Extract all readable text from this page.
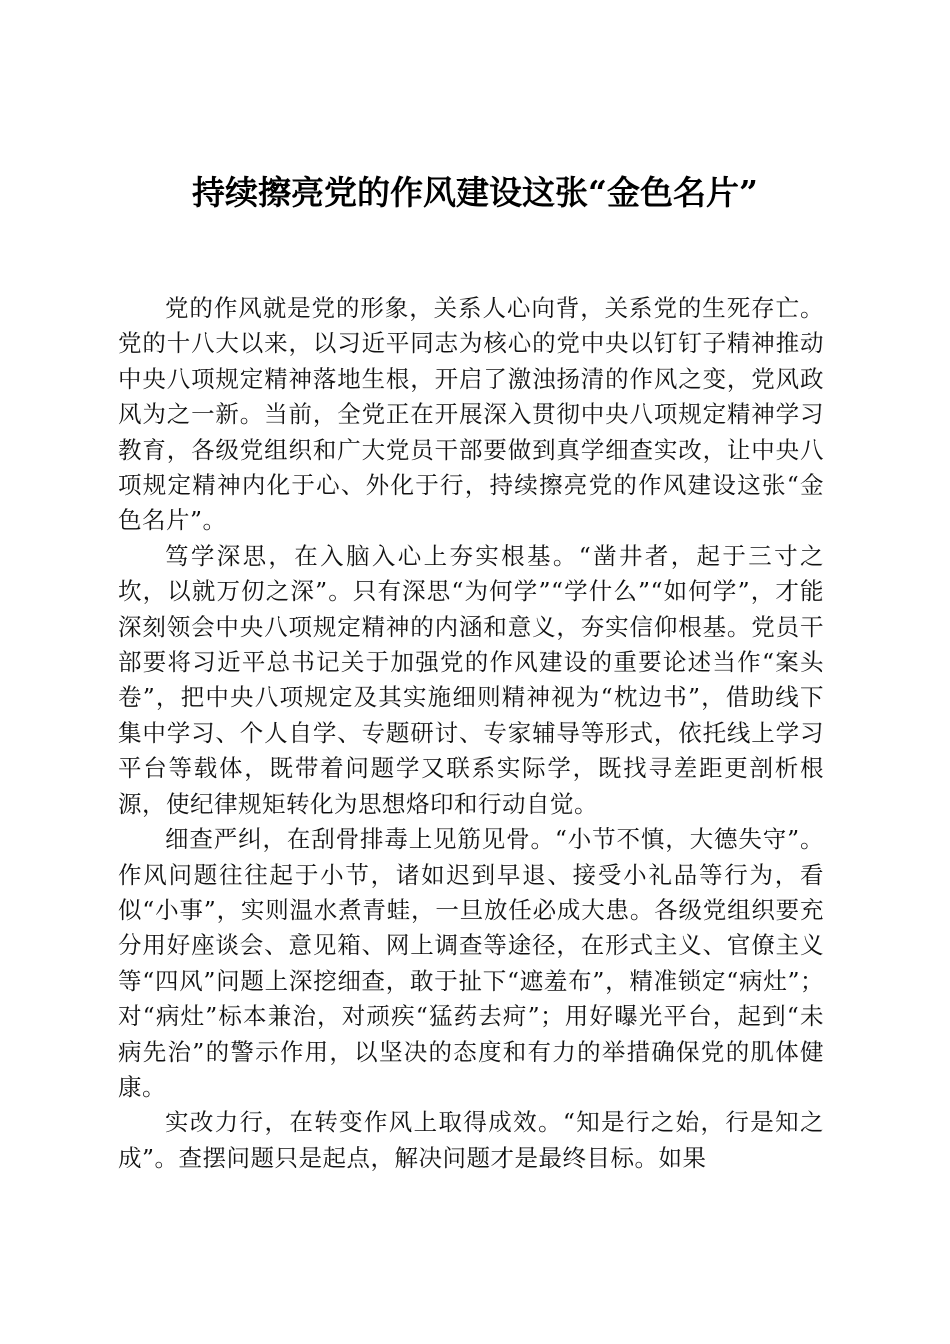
持续擦亮党的作风建设这张“金色名片”

党的作风就是党的形象，关系人心向背，关系党的生死存亡。党的十八大以来，以习近平同志为核心的党中央以钉钉子精神推动中央八项规定精神落地生根，开启了激浊扬清的作风之变，党风政风为之一新。当前，全党正在开展深入贯彻中央八项规定精神学习教育，各级党组织和广大党员干部要做到真学细查实改，让中央八项规定精神内化于心、外化于行，持续擦亮党的作风建设这张“金色名片”。

笃学深思，在入脑入心上夯实根基。“凿井者，起于三寸之坎，以就万仞之深”。只有深思“为何学”“学什么”“如何学”，才能深刻领会中央八项规定精神的内涵和意义，夯实信仰根基。党员干部要将习近平总书记关于加强党的作风建设的重要论述当作“案头卷”，把中央八项规定及其实施细则精神视为“枕边书”，借助线下集中学习、个人自学、专题研讨、专家辅导等形式，依托线上学习平台等载体，既带着问题学又联系实际学，既找寻差距更剖析根源，使纪律规矩转化为思想烙印和行动自觉。

细查严纠，在刮骨排毒上见筋见骨。“小节不慎，大德失守”。作风问题往往起于小节，诸如迟到早退、接受小礼品等行为，看似“小事”，实则温水煮青蛙，一旦放任必成大患。各级党组织要充分用好座谈会、意见箱、网上调查等途径，在形式主义、官僚主义等“四风”问题上深挖细查，敢于扯下“遮羞布”，精准锁定“病灶”；对“病灶”标本兼治，对顽疾“猛药去疴”；用好曝光平台，起到“未病先治”的警示作用，以坚决的态度和有力的举措确保党的肌体健康。

实改力行，在转变作风上取得成效。“知是行之始，行是知之成”。查摆问题只是起点，解决问题才是最终目标。如果
